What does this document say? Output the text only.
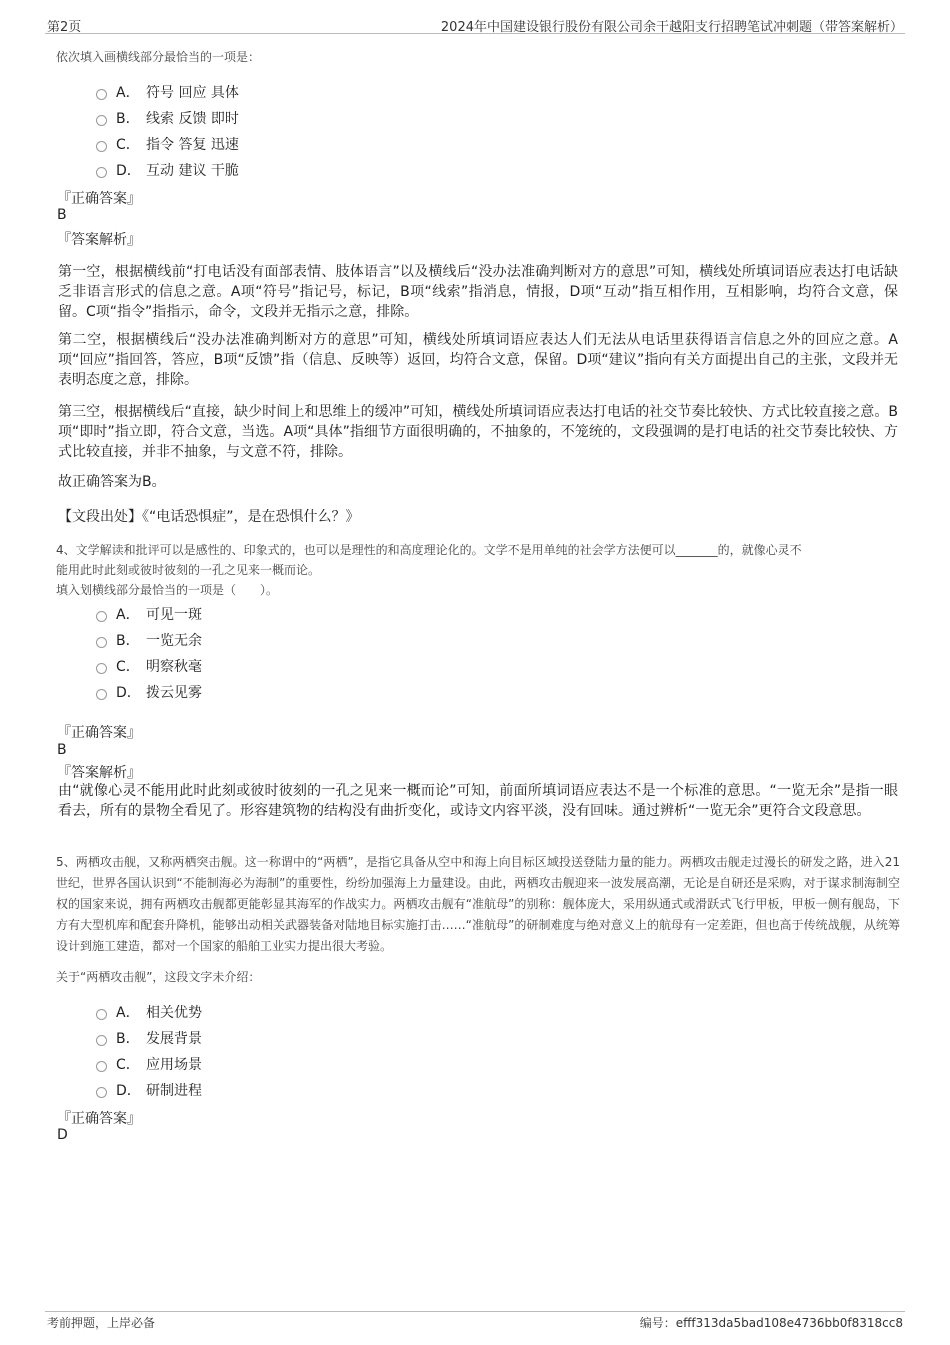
第2页	2024年中国建设银行股份有限公司余干越阳支行招聘笔试冲刺题（带答案解析）
依次填入画横线部分最恰当的一项是：
A． 符号 回应 具体
B． 线索 反馈 即时
C． 指令 答复 迅速
D． 互动 建议 干脆
『正确答案』
B
『答案解析』
第一空，根据横线前“打电话没有面部表情、肢体语言”以及横线后“没办法准确判断对方的意思”可知，横线处所填词语应表达打电话缺乏非语言形式的信息之意。A项“符号”指记号，标记，B项“线索”指消息，情报，D项“互动”指互相作用，互相影响，均符合文意，保留。C项“指令”指指示，命令，文段并无指示之意，排除。
第二空，根据横线后“没办法准确判断对方的意思”可知，横线处所填词语应表达人们无法从电话里获得语言信息之外的回应之意。A项“回应”指回答，答应，B项“反馈”指（信息、反映等）返回，均符合文意，保留。D项“建议”指向有关方面提出自己的主张，文段并无表明态度之意，排除。
第三空，根据横线后“直接，缺少时间上和思维上的缓冲”可知，横线处所填词语应表达打电话的社交节奏比较快、方式比较直接之意。B项“即时”指立即，符合文意，当选。A项“具体”指细节方面很明确的，不抽象的，不笼统的，文段强调的是打电话的社交节奏比较快、方式比较直接，并非不抽象，与文意不符，排除。
故正确答案为B。
【文段出处】《“电话恐惧症”，是在恐惧什么？》
4、文学解读和批评可以是感性的、印象式的，也可以是理性的和高度理论化的。文学不是用单纯的社会学方法便可以_______的，就像心灵不
能用此时此刻或彼时彼刻的一孔之见来一概而论。
填入划横线部分最恰当的一项是（　　）。
A． 可见一斑
B． 一览无余
C． 明察秋毫
D． 拨云见雾
『正确答案』
B
『答案解析』
由“就像心灵不能用此时此刻或彼时彼刻的一孔之见来一概而论”可知，前面所填词语应表达不是一个标准的意思。“一览无余”是指一眼看去，所有的景物全看见了。形容建筑物的结构没有曲折变化，或诗文内容平淡，没有回味。通过辨析“一览无余”更符合文段意思。
5、两栖攻击舰，又称两栖突击舰。这一称谓中的“两栖”，是指它具备从空中和海上向目标区域投送登陆力量的能力。两栖攻击舰走过漫长的研发之路，进入21世纪，世界各国认识到“不能制海必为海制”的重要性，纷纷加强海上力量建设。由此，两栖攻击舰迎来一波发展高潮，无论是自研还是采购，对于谋求制海制空权的国家来说，拥有两栖攻击舰都更能彰显其海军的作战实力。两栖攻击舰有“准航母”的别称：舰体庞大，采用纵通式或滑跃式飞行甲板，甲板一侧有舰岛，下方有大型机库和配套升降机，能够出动相关武器装备对陆地目标实施打击……“准航母”的研制难度与绝对意义上的航母有一定差距，但也高于传统战舰，从统筹设计到施工建造，都对一个国家的船舶工业实力提出很大考验。
关于“两栖攻击舰”，这段文字未介绍：
A． 相关优势
B． 发展背景
C． 应用场景
D． 研制进程
『正确答案』
D
考前押题，上岸必备	编号：efff313da5bad108e4736bb0f8318cc8
